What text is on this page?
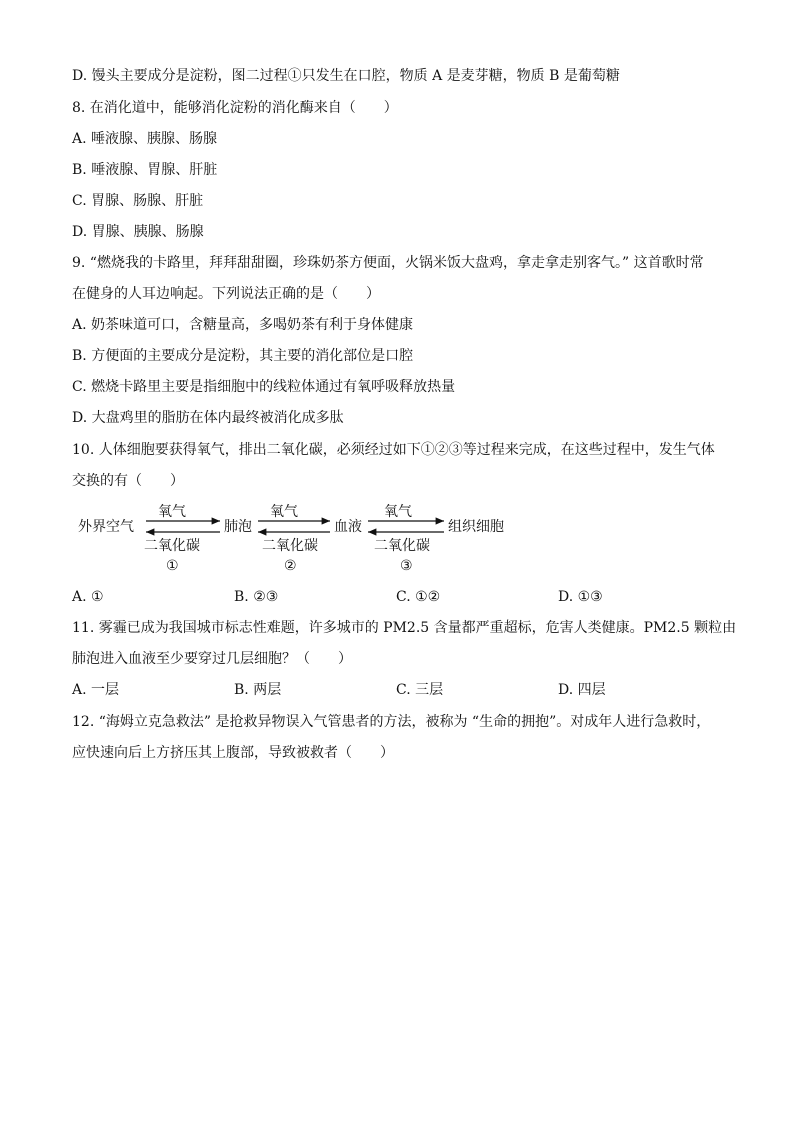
D. 馒头主要成分是淀粉，图二过程①只发生在口腔，物质 A 是麦芽糖，物质 B 是葡萄糖
8. 在消化道中，能够消化淀粉的消化酶来自（　　）
A. 唾液腺、胰腺、肠腺
B. 唾液腺、胃腺、肝脏
C. 胃腺、肠腺、肝脏
D. 胃腺、胰腺、肠腺
9. “燃烧我的卡路里，拜拜甜甜圈，珍珠奶茶方便面，火锅米饭大盘鸡，拿走拿走别客气。” 这首歌时常
在健身的人耳边响起。下列说法正确的是（　　）
A. 奶茶味道可口，含糖量高，多喝奶茶有利于身体健康
B. 方便面的主要成分是淀粉，其主要的消化部位是口腔
C. 燃烧卡路里主要是指细胞中的线粒体通过有氧呼吸释放热量
D. 大盘鸡里的脂肪在体内最终被消化成多肽
10. 人体细胞要获得氧气，排出二氧化碳，必须经过如下①②③等过程来完成，在这些过程中，发生气体
交换的有（　　）
外界空气	肺泡	血液	组织细胞
氧气
二氧化碳
①
氧气
二氧化碳
②
氧气
二氧化碳
③
A. ①	B. ②③	C. ①②	D. ①③
11. 雾霾已成为我国城市标志性难题，许多城市的 PM2.5 含量都严重超标，危害人类健康。PM2.5 颗粒由
肺泡进入血液至少要穿过几层细胞？（　　）
A. 一层	B. 两层	C. 三层	D. 四层
12. “海姆立克急救法” 是抢救异物误入气管患者的方法，被称为 “生命的拥抱”。对成年人进行急救时，
应快速向后上方挤压其上腹部，导致被救者（　　）
